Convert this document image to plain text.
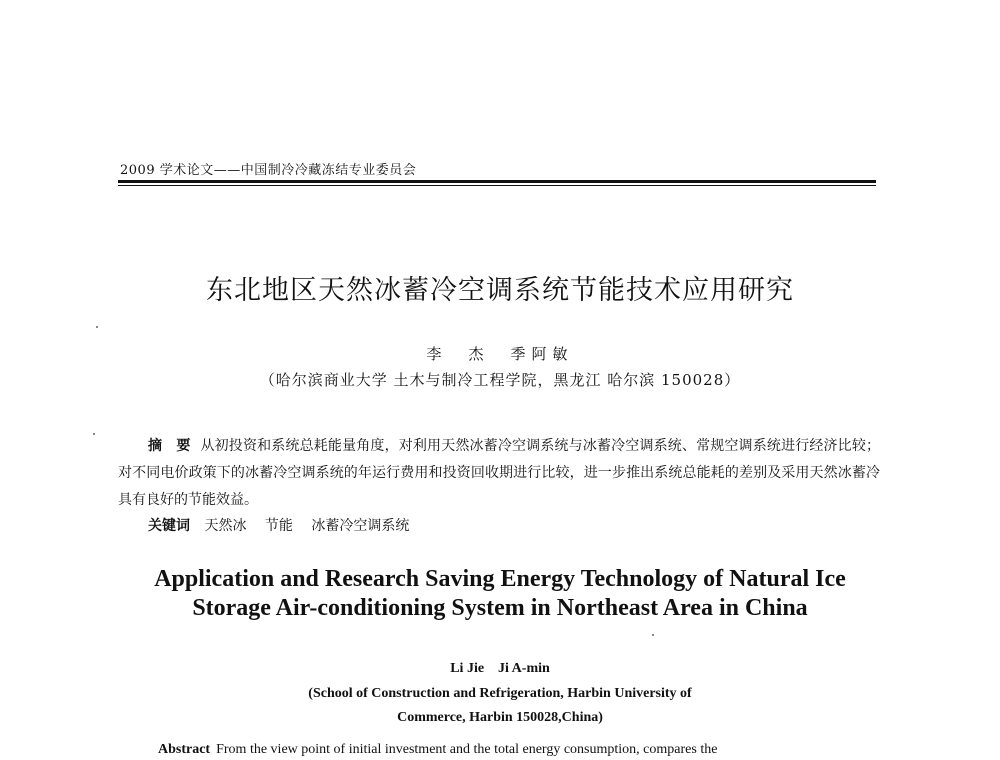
2009 学术论文——中国制冷冷藏冻结专业委员会
东北地区天然冰蓄冷空调系统节能技术应用研究
李　杰　季阿敏
（哈尔滨商业大学 土木与制冷工程学院，黑龙江 哈尔滨 150028）
摘　要 从初投资和系统总耗能量角度，对利用天然冰蓄冷空调系统与冰蓄冷空调系统、常规空调系统进行经济比较；对不同电价政策下的冰蓄冷空调系统的年运行费用和投资回收期进行比较，进一步推出系统总能耗的差别及采用天然冰蓄冷具有良好的节能效益。
关键词 天然冰 节能 冰蓄冷空调系统
Application and Research Saving Energy Technology of Natural Ice
Storage Air-conditioning System in Northeast Area in China
Li Jie　Ji A-min
(School of Construction and Refrigeration, Harbin University of
Commerce, Harbin 150028,China)
Abstract From the view point of initial investment and the total energy consumption, compares the
